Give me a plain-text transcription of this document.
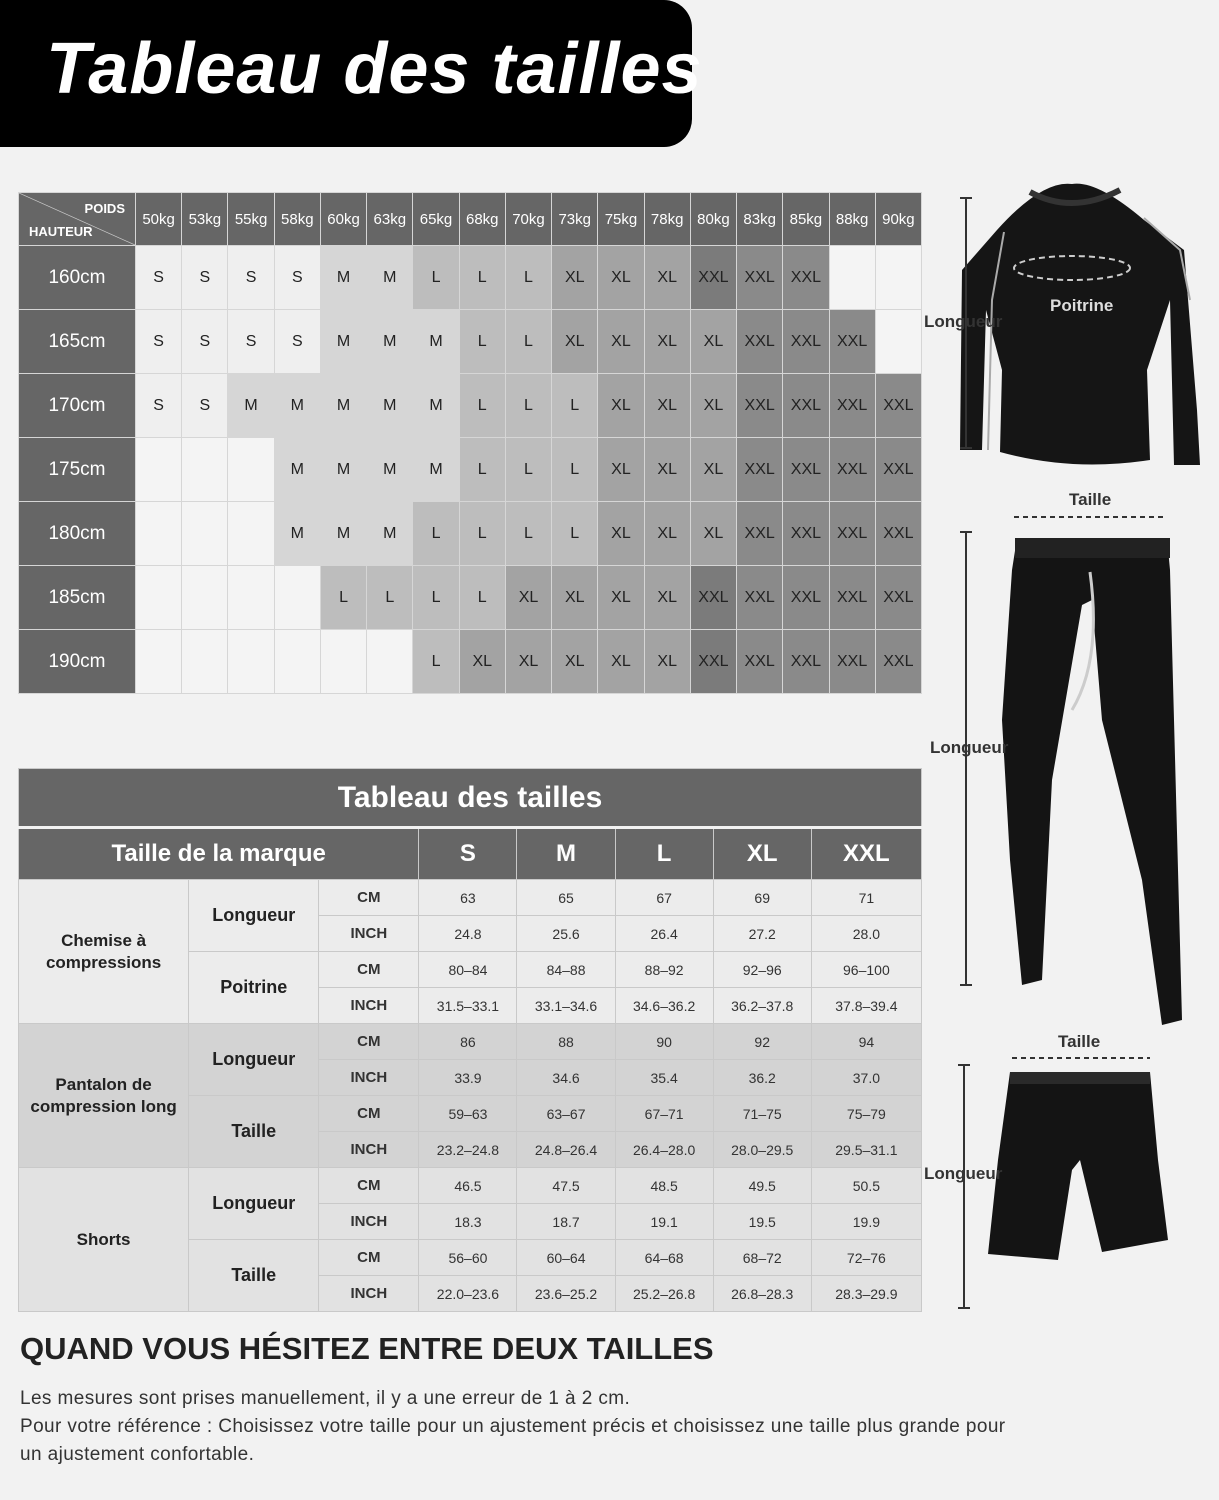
Tableau des tailles
POIDS
HAUTEUR	50kg	53kg	55kg	58kg	60kg	63kg	65kg	68kg	70kg	73kg	75kg	78kg	80kg	83kg	85kg	88kg	90kg
160cm	S	S	S	S	M	M	L	L	L	XL	XL	XL	XXL	XXL	XXL		
165cm	S	S	S	S	M	M	M	L	L	XL	XL	XL	XL	XXL	XXL	XXL	
170cm	S	S	M	M	M	M	M	L	L	L	XL	XL	XL	XXL	XXL	XXL	XXL
175cm				M	M	M	M	L	L	L	XL	XL	XL	XXL	XXL	XXL	XXL
180cm				M	M	M	L	L	L	L	XL	XL	XL	XXL	XXL	XXL	XXL
185cm					L	L	L	L	XL	XL	XL	XL	XXL	XXL	XXL	XXL	XXL
190cm							L	XL	XL	XL	XL	XL	XXL	XXL	XXL	XXL	XXL
Tableau des tailles							
Taille de la marque			S	M	L	XL	XXL
Chemise à compressions	Longueur	CM	63	65	67	69	71
		INCH	24.8	25.6	26.4	27.2	28.0
	Poitrine	CM	80–84	84–88	88–92	92–96	96–100
		INCH	31.5–33.1	33.1–34.6	34.6–36.2	36.2–37.8	37.8–39.4
Pantalon de compression long	Longueur	CM	86	88	90	92	94
		INCH	33.9	34.6	35.4	36.2	37.0
	Taille	CM	59–63	63–67	67–71	71–75	75–79
		INCH	23.2–24.8	24.8–26.4	26.4–28.0	28.0–29.5	29.5–31.1
Shorts	Longueur	CM	46.5	47.5	48.5	49.5	50.5
		INCH	18.3	18.7	19.1	19.5	19.9
	Taille	CM	56–60	60–64	64–68	68–72	72–76
		INCH	22.0–23.6	23.6–25.2	25.2–26.8	26.8–28.3	28.3–29.9
Longueur
Poitrine
Taille
Longueur
Taille
Longueur
QUAND VOUS HÉSITEZ ENTRE DEUX TAILLES
Les mesures sont prises manuellement, il y a une erreur de 1 à 2 cm.
Pour votre référence : Choisissez votre taille pour un ajustement précis et choisissez une taille plus grande pour
un ajustement confortable.
